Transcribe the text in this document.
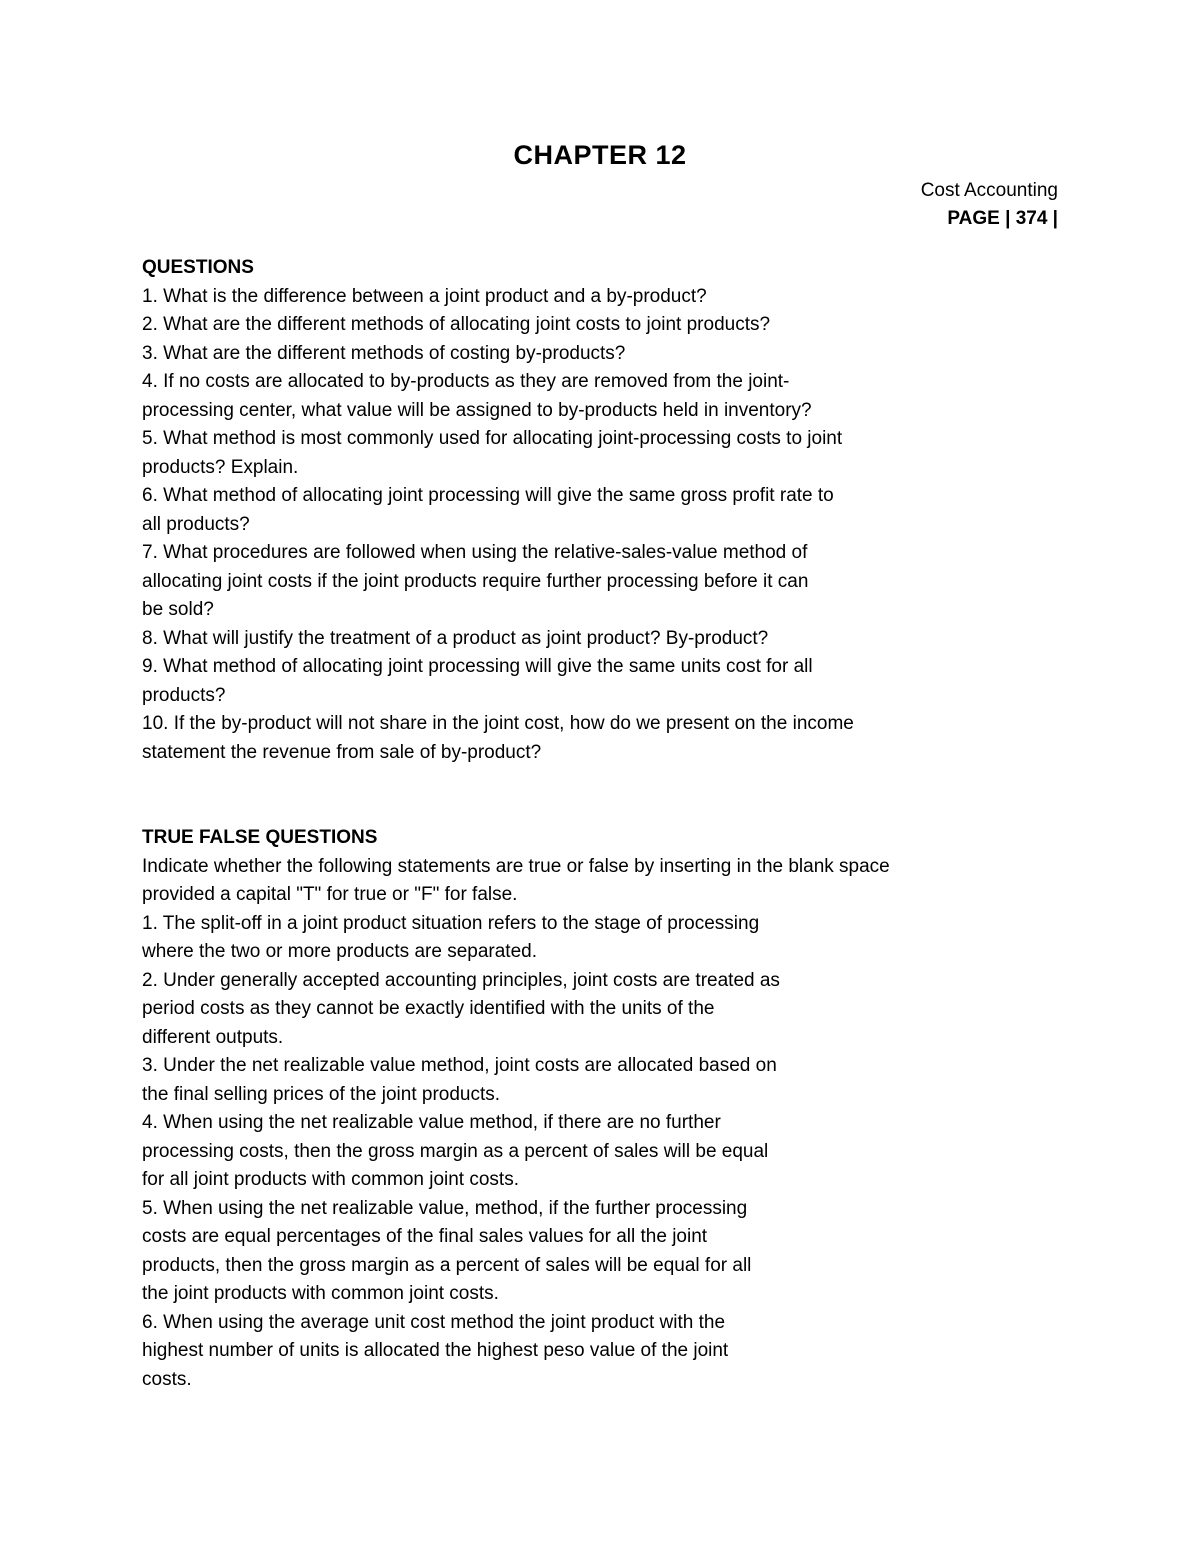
CHAPTER 12
Cost Accounting
PAGE | 374 |

QUESTIONS

1. What is the difference between a joint product and a by-product?

2. What are the different methods of allocating joint costs to joint products?

3. What are the different methods of costing by-products?

4. If no costs are allocated to by-products as they are removed from the joint-

processing center, what value will be assigned to by-products held in inventory?

5. What method is most commonly used for allocating joint-processing costs to joint

products? Explain.

6. What method of allocating joint processing will give the same gross profit rate to

all products?

7. What procedures are followed when using the relative-sales-value method of

allocating joint costs if the joint products require further processing before it can

be sold?

8. What will justify the treatment of a product as joint product? By-product?

9. What method of allocating joint processing will give the same units cost for all

products?

10. If the by-product will not share in the joint cost, how do we present on the income

statement the revenue from sale of by-product?

TRUE FALSE QUESTIONS

Indicate whether the following statements are true or false by inserting in the blank space

provided a capital "T" for true or "F" for false.

1. The split-off in a joint product situation refers to the stage of processing

where the two or more products are separated.

2. Under generally accepted accounting principles, joint costs are treated as

period costs as they cannot be exactly identified with the units of the

different outputs.

3. Under the net realizable value method, joint costs are allocated based on

the final selling prices of the joint products.

4. When using the net realizable value method, if there are no further

processing costs, then the gross margin as a percent of sales will be equal

for all joint products with common joint costs.

5. When using the net realizable value, method, if the further processing

costs are equal percentages of the final sales values for all the joint

products, then the gross margin as a percent of sales will be equal for all

the joint products with common joint costs.

6. When using the average unit cost method the joint product with the

highest number of units is allocated the highest peso value of the joint

costs.
